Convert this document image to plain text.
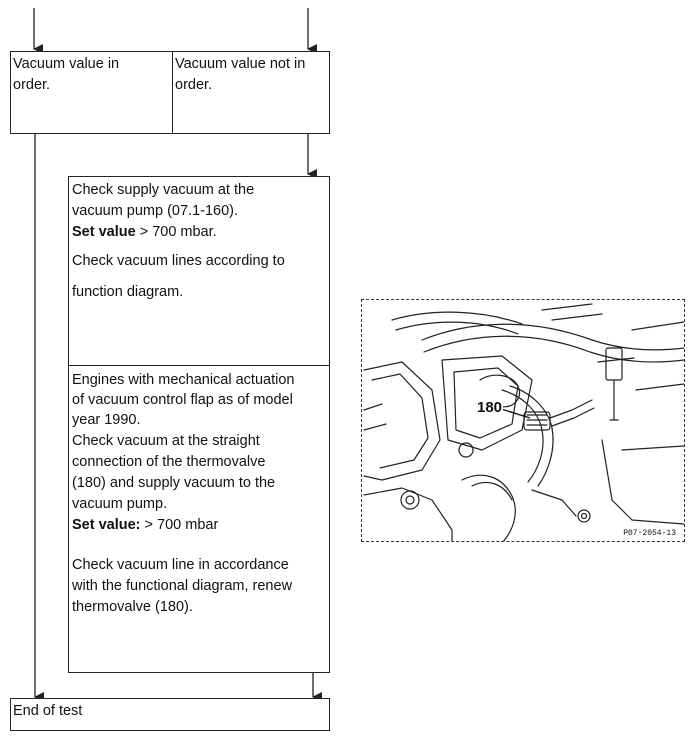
Vacuum value in
order.
Vacuum value not in
order.
Check supply vacuum at the
vacuum pump (07.1-160).
Set value > 700 mbar.
Check vacuum lines according to
function diagram.
Engines with mechanical actuation
of vacuum control flap as of model
year 1990.
Check vacuum at the straight
connection of the thermovalve
(180) and supply vacuum to the
vacuum pump.
Set value: > 700 mbar
Check vacuum line in accordance
with the functional diagram, renew
thermovalve (180).
End of test
180
P07-2054-13
